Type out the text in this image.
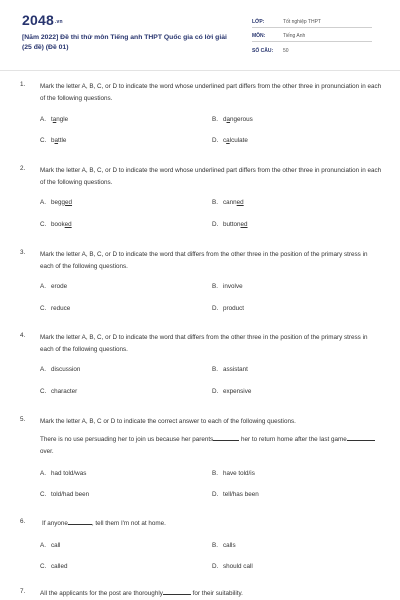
2048.vn
[Năm 2022] Đề thi thử môn Tiếng anh THPT Quốc gia có lời giải (25 đề) (Đề 01)
LỚP:	Tốt nghiệp THPT
MÔN:	Tiếng Anh
SỐ CÂU:	50
1.	Mark the letter A, B, C, or D to indicate the word whose underlined part differs from the other three in pronunciation in each of the following questions.
A. tangle	B. dangerous
C. battle	D. calculate
2.	Mark the letter A, B, C, or D to indicate the word whose underlined part differs from the other three in pronunciation in each of the following questions.
A. begged	B. canned
C. booked	D. buttoned
3.	Mark the letter A, B, C, or D to indicate the word that differs from the other three in the position of the primary stress in each of the following questions.
A. erode	B. involve
C. reduce	D. product
4.	Mark the letter A, B, C, or D to indicate the word that differs from the other three in the position of the primary stress in each of the following questions.
A. discussion	B. assistant
C. character	D. expensive
5.	Mark the letter A, B, C or D to indicate the correct answer to each of the following questions.
There is no use persuading her to join us because her parents	her to return home after the last game over.
A. had told/was	B. have told/is
C. told/had been	D. tell/has been
6.	If anyone	, tell them I'm not at home.
A. call	B. calls
C. called	D. should call
7.	All the applicants for the post are thoroughly	for their suitability.
